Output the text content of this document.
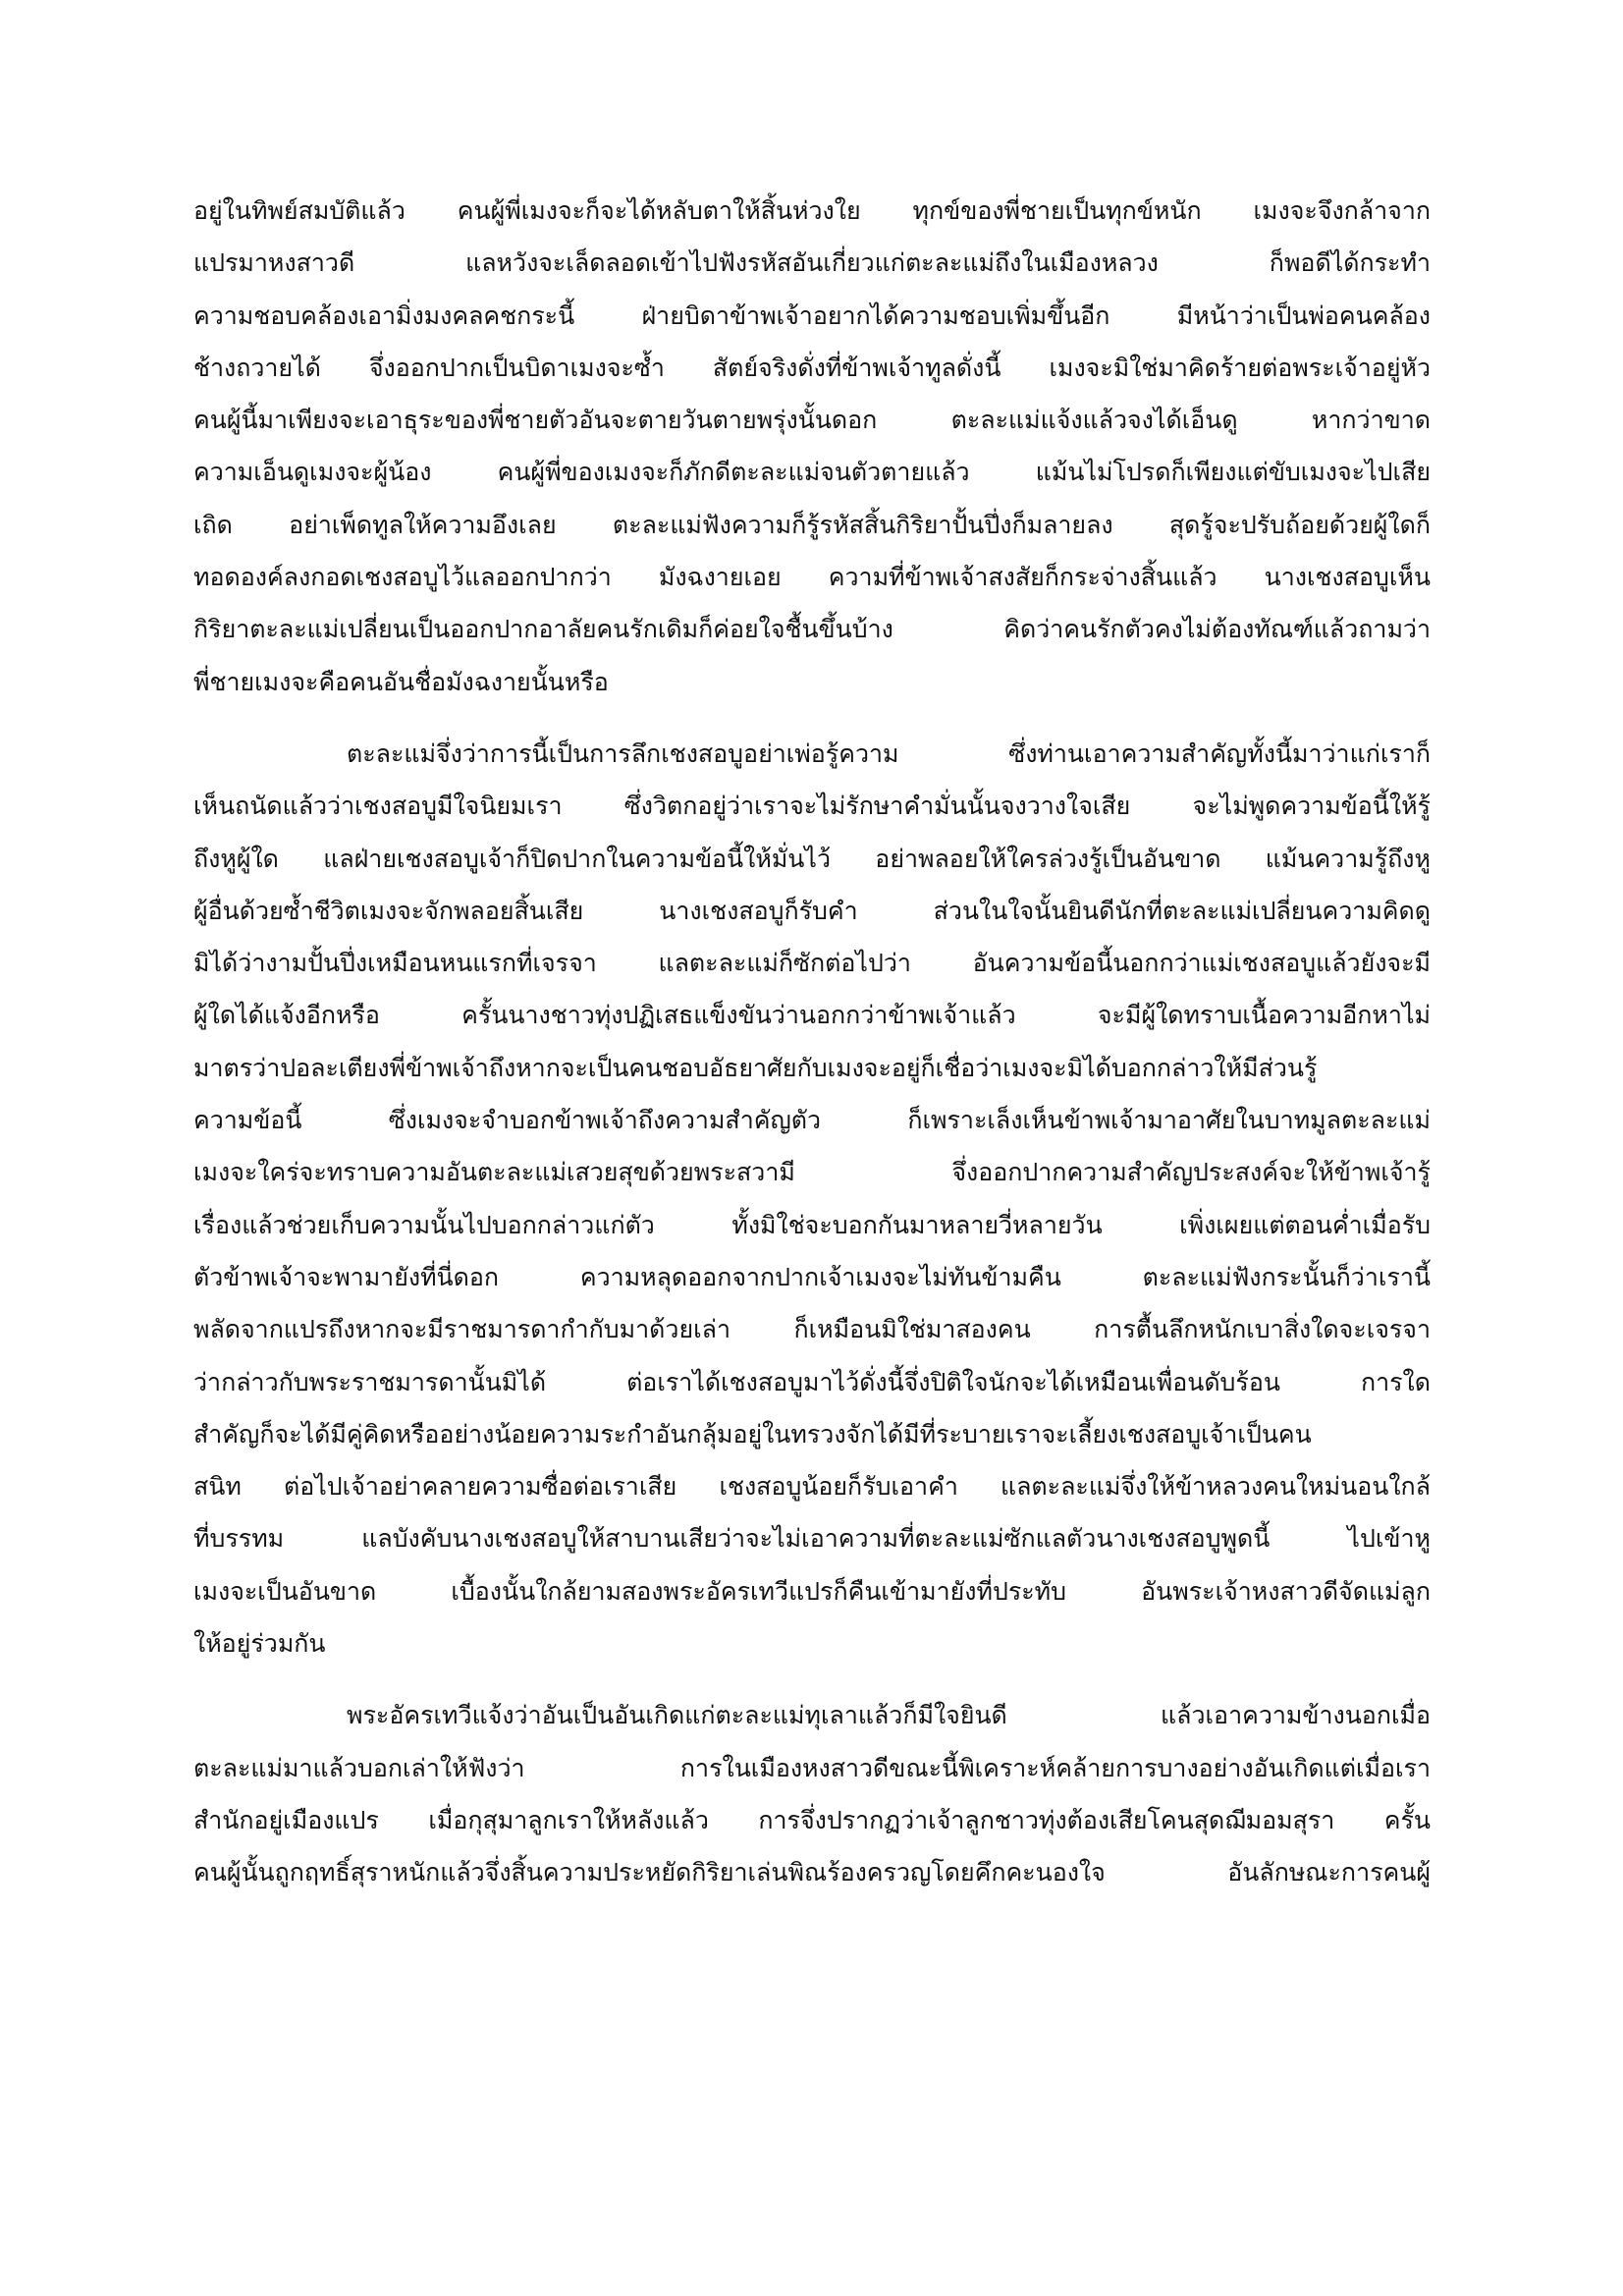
อยู่ในทิพย์สมบัติแล้ว คนผู้พี่เมงจะก็จะได้หลับตาให้สิ้นห่วงใย ทุกข์ของพี่ชายเป็นทุกข์หนัก เมงจะจึงกล้าจาก
แปรมาหงสาวดี แลหวังจะเล็ดลอดเข้าไปฟังรหัสอันเกี่ยวแก่ตะละแม่ถึงในเมืองหลวง ก็พอดีได้กระทำ
ความชอบคล้องเอามิ่งมงคลคชกระนี้ ฝ่ายบิดาข้าพเจ้าอยากได้ความชอบเพิ่มขึ้นอีก มีหน้าว่าเป็นพ่อคนคล้อง
ช้างถวายได้ จึ่งออกปากเป็นบิดาเมงจะซ้ำ สัตย์จริงดั่งที่ข้าพเจ้าทูลดั่งนี้ เมงจะมิใช่มาคิดร้ายต่อพระเจ้าอยู่หัว
คนผู้นี้มาเพียงจะเอาธุระของพี่ชายตัวอันจะตายวันตายพรุ่งนั้นดอก ตะละแม่แจ้งแล้วจงได้เอ็นดู หากว่าขาด
ความเอ็นดูเมงจะผู้น้อง คนผู้พี่ของเมงจะก็ภักดีตะละแม่จนตัวตายแล้ว แม้นไม่โปรดก็เพียงแต่ขับเมงจะไปเสีย
เถิด อย่าเพ็ดทูลให้ความอึงเลย ตะละแม่ฟังความก็รู้รหัสสิ้นกิริยาปั้นปึ่งก็มลายลง สุดรู้จะปรับถ้อยด้วยผู้ใดก็
ทอดองค์ลงกอดเชงสอบูไว้แลออกปากว่า มังฉงายเอย ความที่ข้าพเจ้าสงสัยก็กระจ่างสิ้นแล้ว นางเชงสอบูเห็น
กิริยาตะละแม่เปลี่ยนเป็นออกปากอาลัยคนรักเดิมก็ค่อยใจชื้นขึ้นบ้าง คิดว่าคนรักตัวคงไม่ต้องทัณฑ์แล้วถามว่า
พี่ชายเมงจะคือคนอันชื่อมังฉงายนั้นหรือ
ตะละแม่จึ่งว่าการนี้เป็นการลึกเชงสอบูอย่าเพ่อรู้ความ ซึ่งท่านเอาความสำคัญทั้งนี้มาว่าแก่เราก็
เห็นถนัดแล้วว่าเชงสอบูมีใจนิยมเรา ซึ่งวิตกอยู่ว่าเราจะไม่รักษาคำมั่นนั้นจงวางใจเสีย จะไม่พูดความข้อนี้ให้รู้
ถึงหูผู้ใด แลฝ่ายเชงสอบูเจ้าก็ปิดปากในความข้อนี้ให้มั่นไว้ อย่าพลอยให้ใครล่วงรู้เป็นอันขาด แม้นความรู้ถึงหู
ผู้อื่นด้วยซ้ำชีวิตเมงจะจักพลอยสิ้นเสีย นางเชงสอบูก็รับคำ ส่วนในใจนั้นยินดีนักที่ตะละแม่เปลี่ยนความคิดดู
มิได้ว่างามปั้นปึ่งเหมือนหนแรกที่เจรจา แลตะละแม่ก็ซักต่อไปว่า อันความข้อนี้นอกกว่าแม่เชงสอบูแล้วยังจะมี
ผู้ใดได้แจ้งอีกหรือ ครั้นนางชาวทุ่งปฏิเสธแข็งขันว่านอกกว่าข้าพเจ้าแล้ว จะมีผู้ใดทราบเนื้อความอีกหาไม่
มาตรว่าปอละเตียงพี่ข้าพเจ้าถึงหากจะเป็นคนชอบอัธยาศัยกับเมงจะอยู่ก็เชื่อว่าเมงจะมิได้บอกกล่าวให้มีส่วนรู้
ความข้อนี้ ซึ่งเมงจะจำบอกข้าพเจ้าถึงความสำคัญตัว ก็เพราะเล็งเห็นข้าพเจ้ามาอาศัยในบาทมูลตะละแม่
เมงจะใคร่จะทราบความอันตะละแม่เสวยสุขด้วยพระสวามี จึ่งออกปากความสำคัญประสงค์จะให้ข้าพเจ้ารู้
เรื่องแล้วช่วยเก็บความนั้นไปบอกกล่าวแก่ตัว ทั้งมิใช่จะบอกกันมาหลายวี่หลายวัน เพิ่งเผยแต่ตอนค่ำเมื่อรับ
ตัวข้าพเจ้าจะพามายังที่นี่ดอก ความหลุดออกจากปากเจ้าเมงจะไม่ทันข้ามคืน ตะละแม่ฟังกระนั้นก็ว่าเรานี้
พลัดจากแปรถึงหากจะมีราชมารดากำกับมาด้วยเล่า ก็เหมือนมิใช่มาสองคน การตื้นลึกหนักเบาสิ่งใดจะเจรจา
ว่ากล่าวกับพระราชมารดานั้นมิได้ ต่อเราได้เชงสอบูมาไว้ดั่งนี้จึ่งปิติใจนักจะได้เหมือนเพื่อนดับร้อน การใด
สำคัญก็จะได้มีคู่คิดหรืออย่างน้อยความระกำอันกลุ้มอยู่ในทรวงจักได้มีที่ระบายเราจะเลี้ยงเชงสอบูเจ้าเป็นคน
สนิท ต่อไปเจ้าอย่าคลายความซื่อต่อเราเสีย เชงสอบูน้อยก็รับเอาคำ แลตะละแม่จึ่งให้ข้าหลวงคนใหม่นอนใกล้
ที่บรรทม แลบังคับนางเชงสอบูให้สาบานเสียว่าจะไม่เอาความที่ตะละแม่ซักแลตัวนางเชงสอบูพูดนี้ ไปเข้าหู
เมงจะเป็นอันขาด เบื้องนั้นใกล้ยามสองพระอัครเทวีแปรก็คืนเข้ามายังที่ประทับ อันพระเจ้าหงสาวดีจัดแม่ลูก
ให้อยู่ร่วมกัน
พระอัครเทวีแจ้งว่าอันเป็นอันเกิดแก่ตะละแม่ทุเลาแล้วก็มีใจยินดี แล้วเอาความข้างนอกเมื่อ
ตะละแม่มาแล้วบอกเล่าให้ฟังว่า การในเมืองหงสาวดีขณะนี้พิเคราะห์คล้ายการบางอย่างอันเกิดแต่เมื่อเรา
สำนักอยู่เมืองแปร เมื่อกุสุมาลูกเราให้หลังแล้ว การจึ่งปรากฏว่าเจ้าลูกชาวทุ่งต้องเสียโคนสุดฌีมอมสุรา ครั้น
คนผู้นั้นถูกฤทธิ์สุราหนักแล้วจึ่งสิ้นความประหยัดกิริยาเล่นพิณร้องครวญโดยคึกคะนองใจ อันลักษณะการคนผู้
